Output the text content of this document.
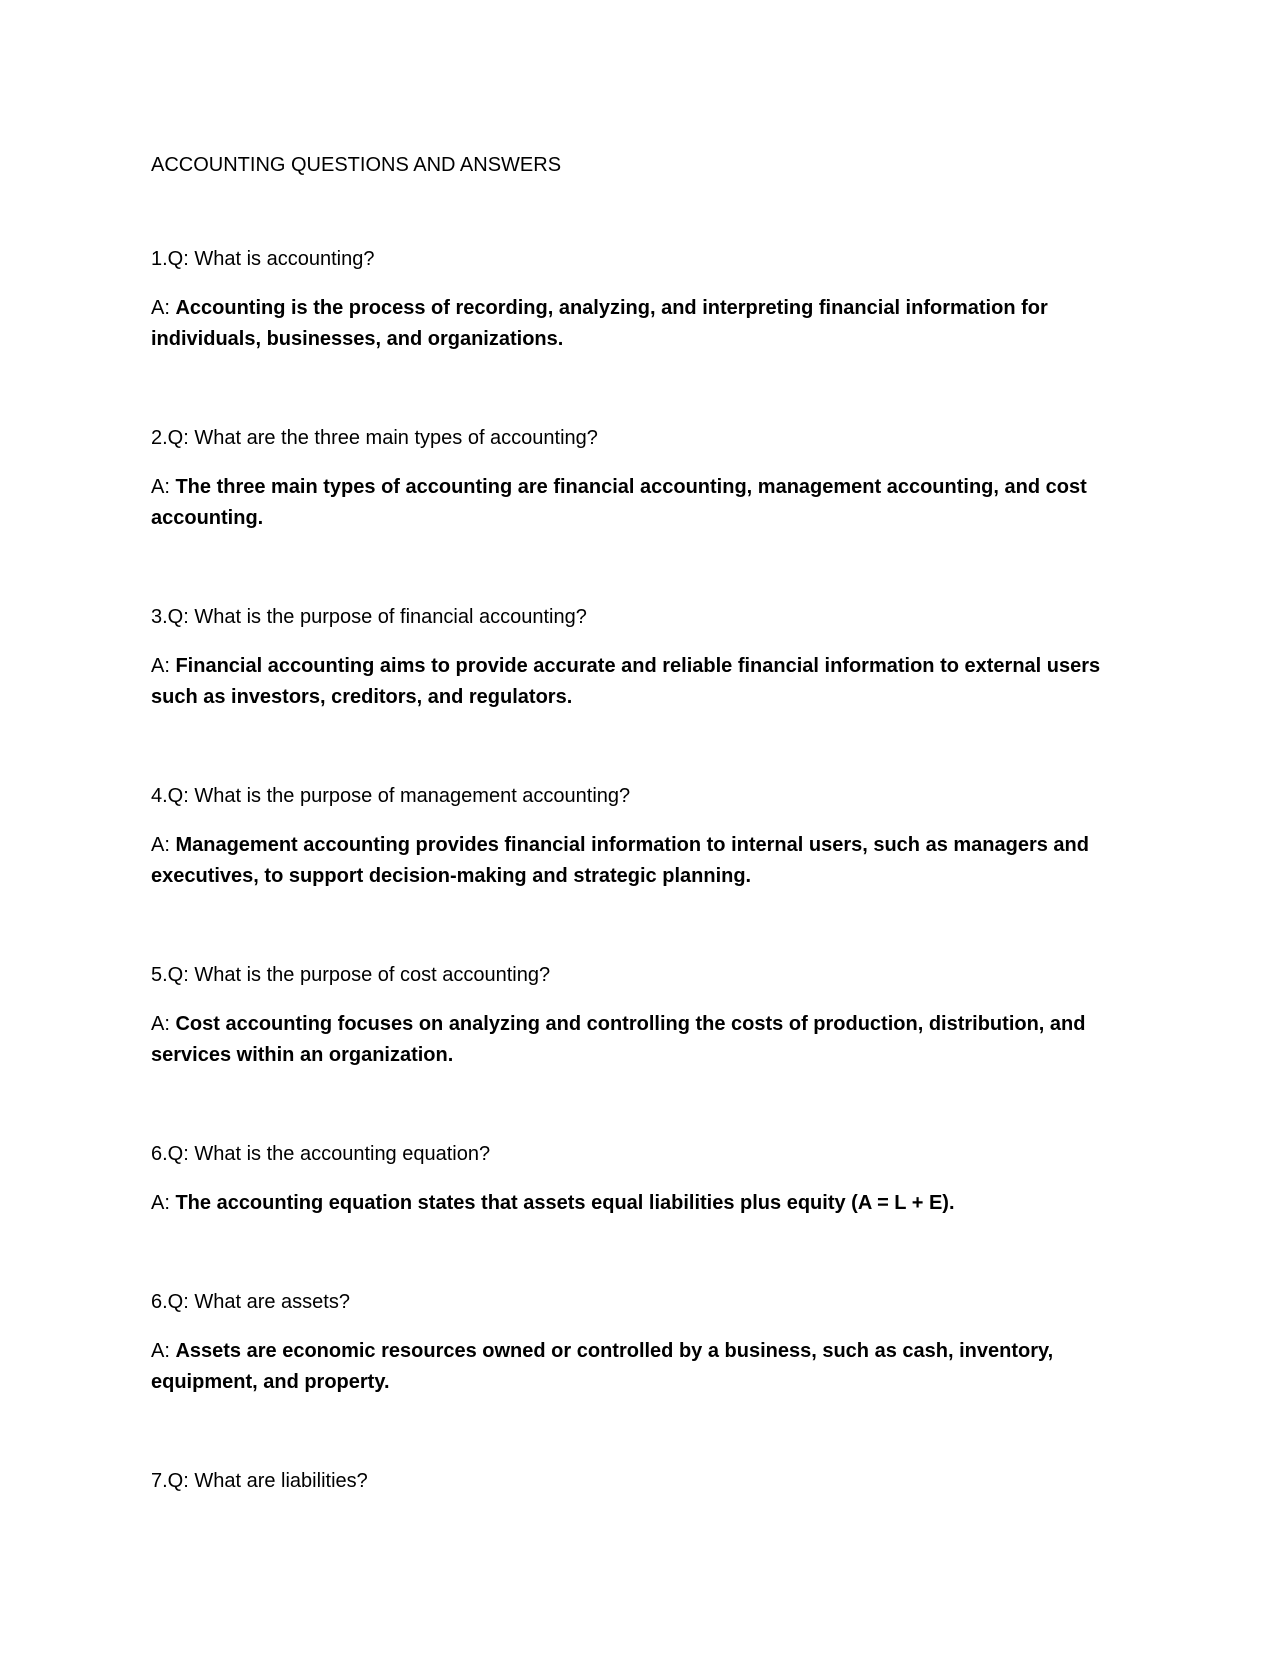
ACCOUNTING QUESTIONS AND ANSWERS

1.Q: What is accounting?

A: Accounting is the process of recording, analyzing, and interpreting financial information for individuals, businesses, and organizations.

2.Q: What are the three main types of accounting?

A: The three main types of accounting are financial accounting, management accounting, and cost accounting.

3.Q: What is the purpose of financial accounting?

A: Financial accounting aims to provide accurate and reliable financial information to external users such as investors, creditors, and regulators.

4.Q: What is the purpose of management accounting?

A: Management accounting provides financial information to internal users, such as managers and executives, to support decision-making and strategic planning.

5.Q: What is the purpose of cost accounting?

A: Cost accounting focuses on analyzing and controlling the costs of production, distribution, and services within an organization.

6.Q: What is the accounting equation?

A: The accounting equation states that assets equal liabilities plus equity (A = L + E).

6.Q: What are assets?

A: Assets are economic resources owned or controlled by a business, such as cash, inventory, equipment, and property.

7.Q: What are liabilities?
